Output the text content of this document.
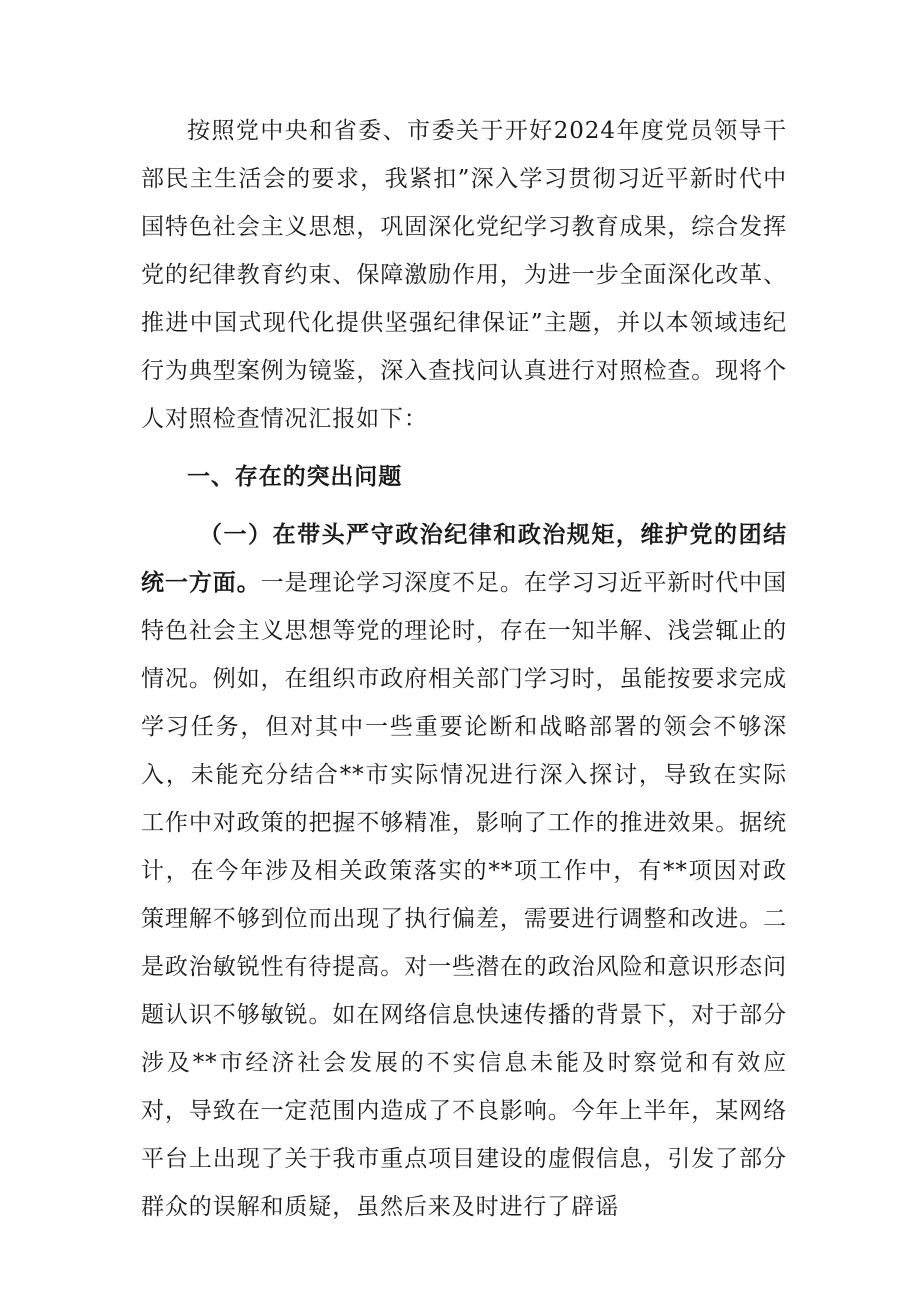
按照党中央和省委、市委关于开好2024年度党员领导干部民主生活会的要求，我紧扣”深入学习贯彻习近平新时代中国特色社会主义思想，巩固深化党纪学习教育成果，综合发挥党的纪律教育约束、保障激励作用，为进一步全面深化改革、推进中国式现代化提供坚强纪律保证”主题，并以本领域违纪行为典型案例为镜鉴，深入查找问认真进行对照检查。现将个人对照检查情况汇报如下：

一、存在的突出问题

（一）在带头严守政治纪律和政治规矩，维护党的团结统一方面。一是理论学习深度不足。在学习习近平新时代中国特色社会主义思想等党的理论时，存在一知半解、浅尝辄止的情况。例如，在组织市政府相关部门学习时，虽能按要求完成学习任务，但对其中一些重要论断和战略部署的领会不够深入，未能充分结合**市实际情况进行深入探讨，导致在实际工作中对政策的把握不够精准，影响了工作的推进效果。据统计，在今年涉及相关政策落实的**项工作中，有**项因对政策理解不够到位而出现了执行偏差，需要进行调整和改进。二是政治敏锐性有待提高。对一些潜在的政治风险和意识形态问题认识不够敏锐。如在网络信息快速传播的背景下，对于部分涉及**市经济社会发展的不实信息未能及时察觉和有效应对，导致在一定范围内造成了不良影响。今年上半年，某网络平台上出现了关于我市重点项目建设的虚假信息，引发了部分群众的误解和质疑，虽然后来及时进行了辟谣
